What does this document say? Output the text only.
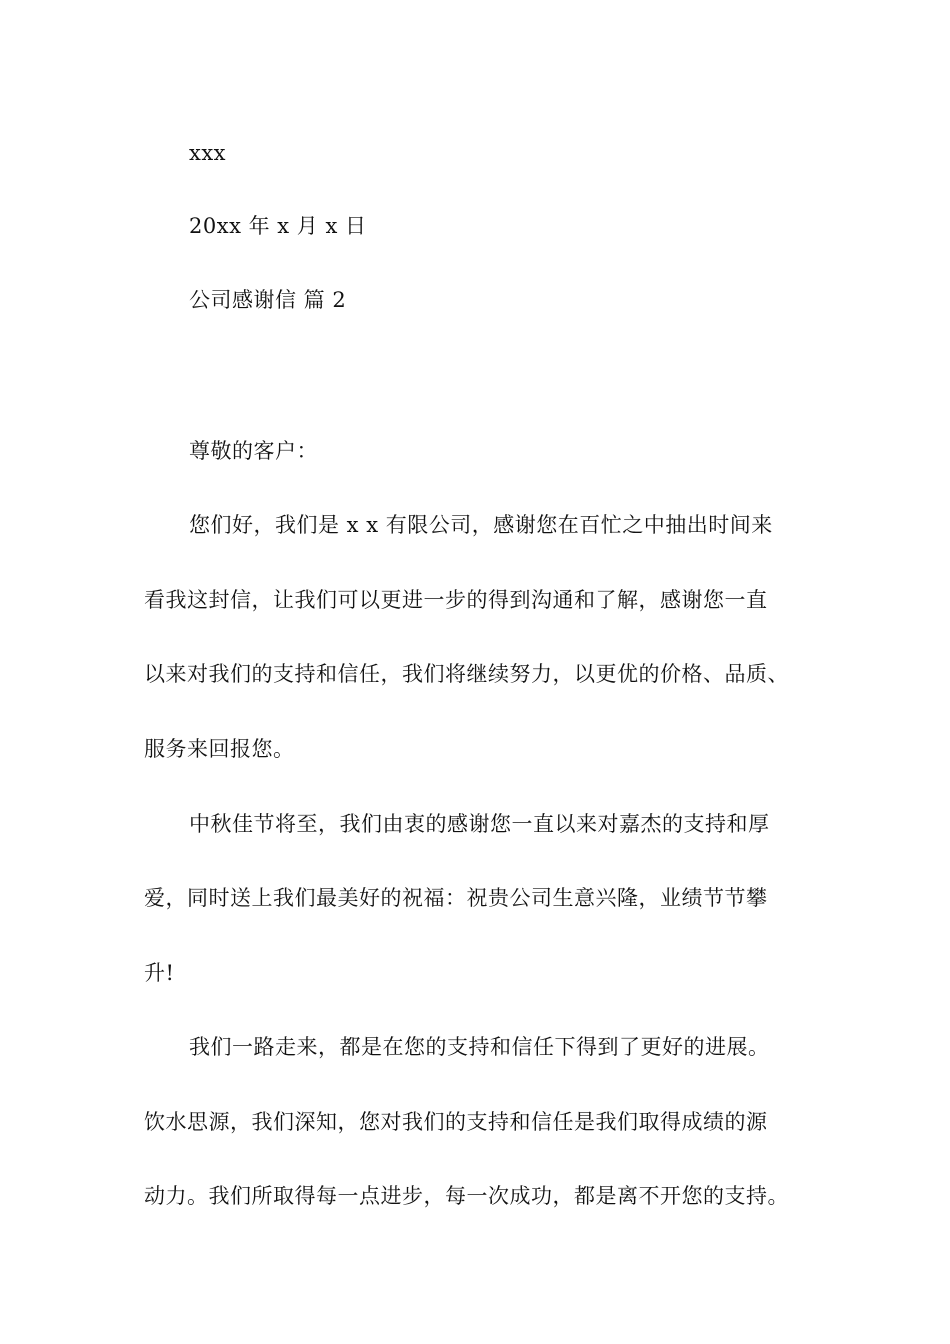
xxx
20xx 年 x 月 x 日
公司感谢信 篇 2
尊敬的客户：
您们好，我们是 x x 有限公司，感谢您在百忙之中抽出时间来
看我这封信，让我们可以更进一步的得到沟通和了解，感谢您一直
以来对我们的支持和信任，我们将继续努力，以更优的价格、品质、
服务来回报您。
中秋佳节将至，我们由衷的感谢您一直以来对嘉杰的支持和厚
爱，同时送上我们最美好的祝福：祝贵公司生意兴隆，业绩节节攀
升!
我们一路走来，都是在您的支持和信任下得到了更好的进展。
饮水思源，我们深知，您对我们的支持和信任是我们取得成绩的源
动力。我们所取得每一点进步，每一次成功，都是离不开您的支持。
